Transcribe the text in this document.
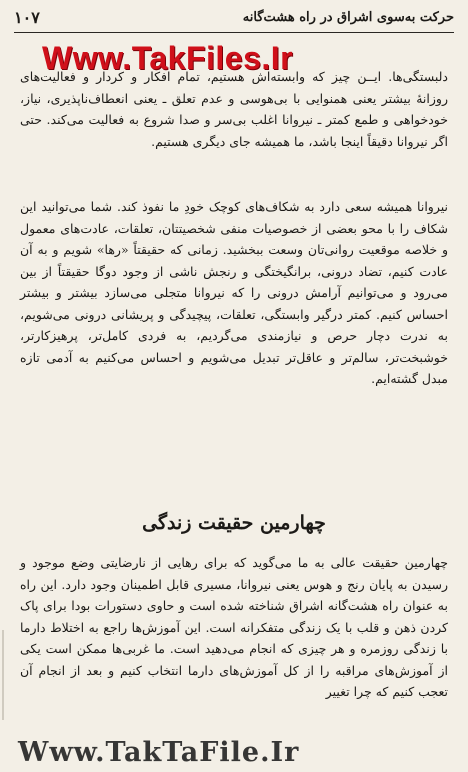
۱۰۷	حرکت به‌سوی اشراق در راه هشت‌گانه
Www.TakFiles.Ir

دلبستگی‌ها. ایــن چیز که وابسته‌اش هستیم، تمام افکار و کردار و فعالیت‌های روزانهٔ بیشتر یعنی همنوایی با بی‌هوسی و عدم تعلق ـ یعنی انعطاف‌ناپذیری، نیاز، خودخواهی و طمع کمتر ـ نیروانا اغلب بی‌سر و صدا شروع به فعالیت می‌کند. حتی اگر نیروانا دقیقاً اینجا باشد، ما همیشه جای دیگری هستیم.

نیروانا همیشه سعی دارد به شکاف‌های کوچک خودِ ما نفوذ کند. شما می‌توانید این شکاف را با محو بعضی از خصوصیات منفی شخصیتتان، تعلقات، عادت‌های معمول و خلاصه موقعیت روانی‌تان وسعت ببخشید. زمانی که حقیقتاً «رها» شویم و به آن عادت کنیم، تضاد درونی، برانگیختگی و رنجش ناشی از وجود دوگا حقیقتاً از بین می‌رود و می‌توانیم آرامش درونی را که نیروانا متجلی می‌سازد بیشتر و بیشتر احساس کنیم. کمتر درگیر وابستگی، تعلقات، پیچیدگی و پریشانی درونی می‌شویم، به ندرت دچار حرص و نیازمندی می‌گردیم، به فردی کامل‌تر، پرهیزکارتر، خوشبخت‌تر، سالم‌تر و عاقل‌تر تبدیل می‌شویم و احساس می‌کنیم به آدمی تازه مبدل گشته‌ایم.

چهارمین حقیقت زندگی

چهارمین حقیقت عالی به ما می‌گوید که برای رهایی از نارضایتی وضع موجود و رسیدن به پایان رنج و هوس یعنی نیروانا، مسیری قابل اطمینان وجود دارد. این راه به عنوان راه هشت‌گانه اشراق شناخته شده است و حاوی دستورات بودا برای پاک کردن ذهن و قلب با یک زندگی متفکرانه است. این آموزش‌ها راجع به اختلاط دارما با زندگی روزمره و هر چیزی که انجام می‌دهید است. ما غربی‌ها ممکن است یکی از آموزش‌های مراقبه را از کل آموزش‌های دارما انتخاب کنیم و بعد از انجام آن تعجب کنیم که چرا تغییر

Www.TakTaFile.Ir
